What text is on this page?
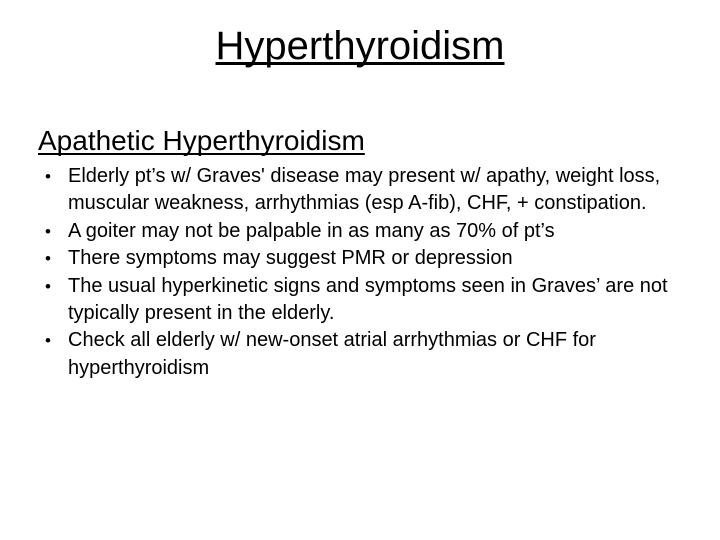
Hyperthyroidism
Apathetic Hyperthyroidism
• Elderly pt’s w/ Graves' disease may present w/ apathy, weight loss, muscular weakness, arrhythmias (esp A-fib), CHF, + constipation.
• A goiter may not be palpable in as many as 70% of pt’s
• There symptoms may suggest PMR or depression
• The usual hyperkinetic signs and symptoms seen in Graves’ are not typically present in the elderly.
• Check all elderly w/ new-onset atrial arrhythmias or CHF for hyperthyroidism
